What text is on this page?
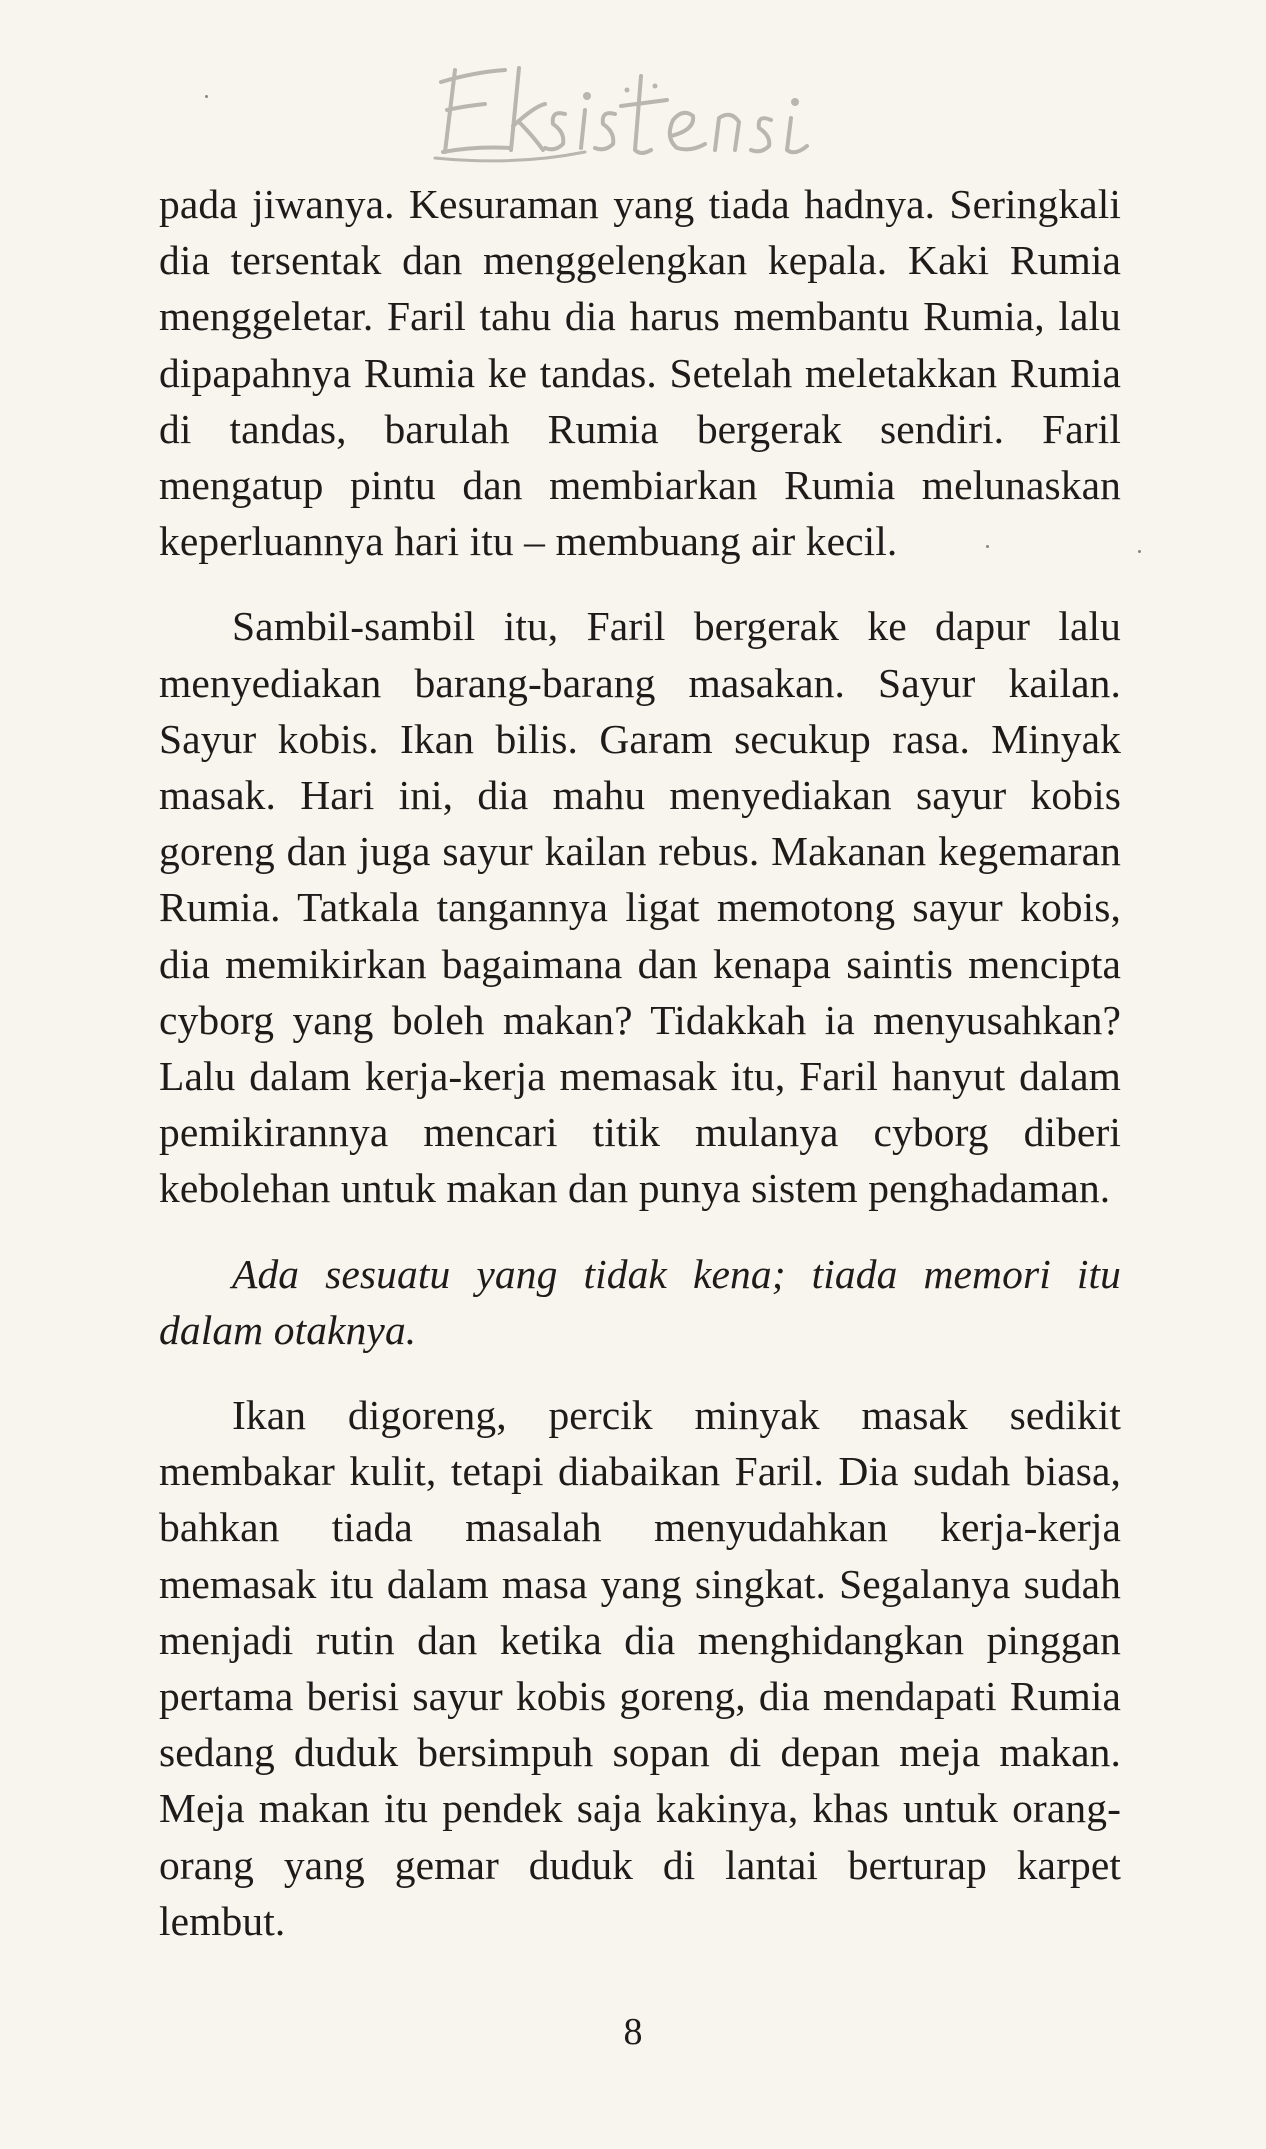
pada jiwanya. Kesuraman yang tiada hadnya. Seringkali dia tersentak dan menggelengkan kepala. Kaki Rumia menggeletar. Faril tahu dia harus membantu Rumia, lalu dipapahnya Rumia ke tandas. Setelah meletakkan Rumia di tandas, barulah Rumia bergerak sendiri. Faril mengatup pintu dan membiarkan Rumia melunaskan keperluannya hari itu – membuang air kecil.

Sambil-sambil itu, Faril bergerak ke dapur lalu menyediakan barang-barang masakan. Sayur kailan. Sayur kobis. Ikan bilis. Garam secukup rasa. Minyak masak. Hari ini, dia mahu menyediakan sayur kobis goreng dan juga sayur kailan rebus. Makanan kegemaran Rumia. Tatkala tangannya ligat memotong sayur kobis, dia memikirkan bagaimana dan kenapa saintis mencipta cyborg yang boleh makan? Tidakkah ia menyusahkan? Lalu dalam kerja-kerja memasak itu, Faril hanyut dalam pemikirannya mencari titik mulanya cyborg diberi kebolehan untuk makan dan punya sistem penghadaman.

Ada sesuatu yang tidak kena; tiada memori itu dalam otaknya.

Ikan digoreng, percik minyak masak sedikit membakar kulit, tetapi diabaikan Faril. Dia sudah biasa, bahkan tiada masalah menyudahkan kerja-kerja memasak itu dalam masa yang singkat. Segalanya sudah menjadi rutin dan ketika dia menghidangkan pinggan pertama berisi sayur kobis goreng, dia mendapati Rumia sedang duduk bersimpuh sopan di depan meja makan. Meja makan itu pendek saja kakinya, khas untuk orang-orang yang gemar duduk di lantai berturap karpet lembut.

8
